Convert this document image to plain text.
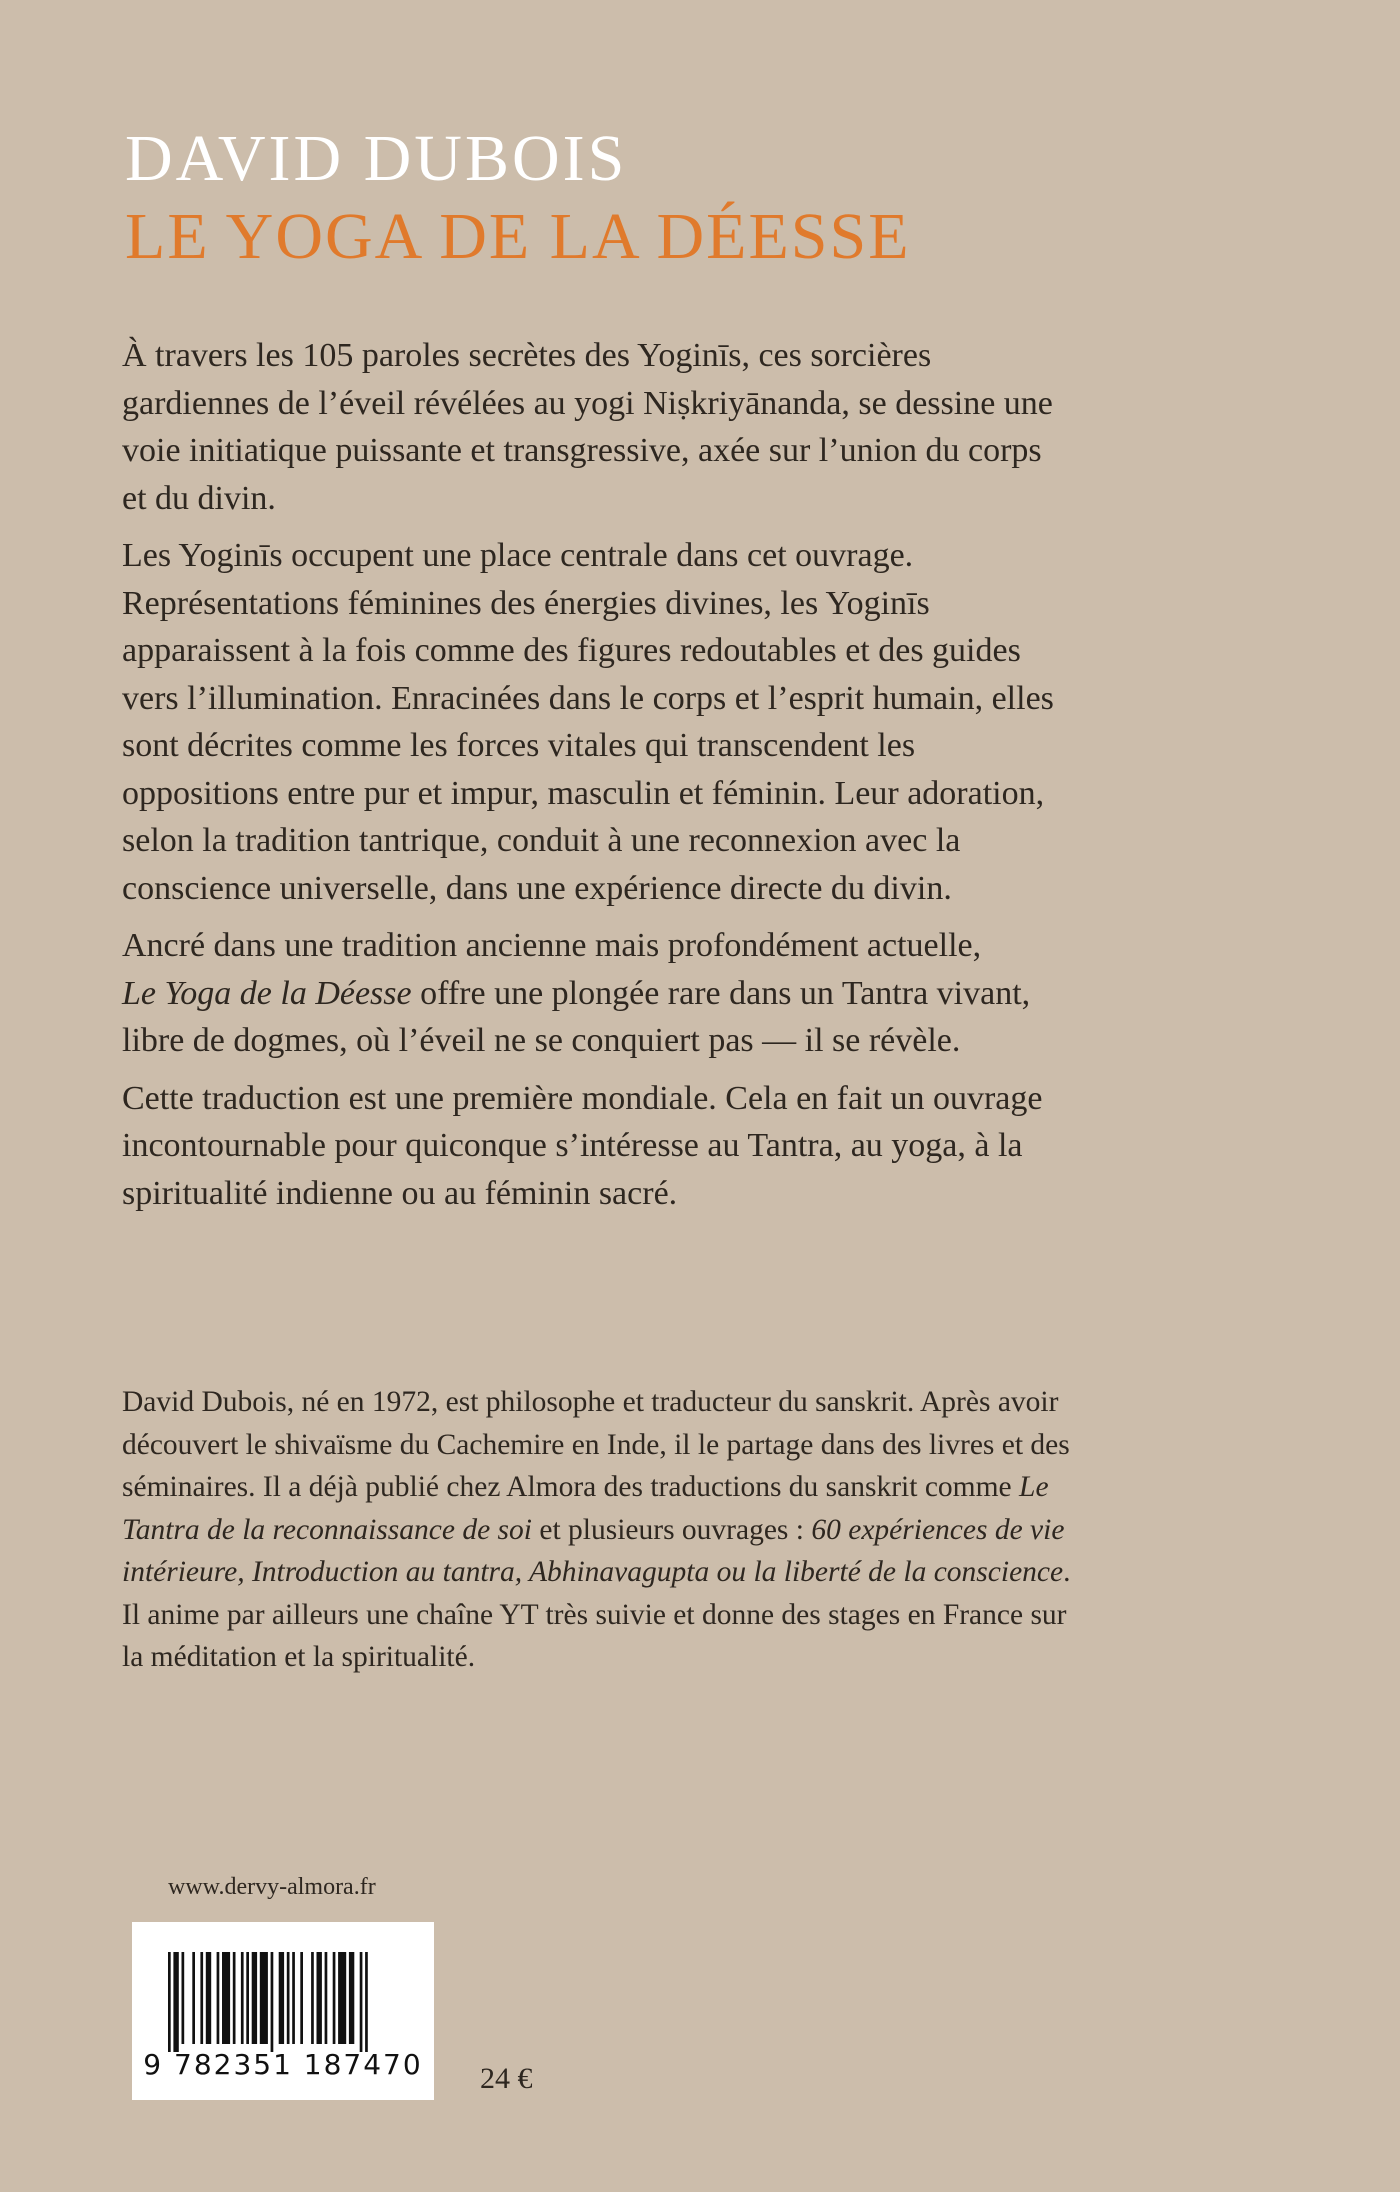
DAVID DUBOIS
LE YOGA DE LA DÉESSE

À travers les 105 paroles secrètes des Yoginīs, ces sorcières gardiennes de l’éveil révélées au yogi Niṣkriyānanda, se dessine une voie initiatique puissante et transgressive, axée sur l’union du corps et du divin.

Les Yoginīs occupent une place centrale dans cet ouvrage. Représentations féminines des énergies divines, les Yoginīs apparaissent à la fois comme des figures redoutables et des guides vers l’illumination. Enracinées dans le corps et l’esprit humain, elles sont décrites comme les forces vitales qui transcendent les oppositions entre pur et impur, masculin et féminin. Leur adoration, selon la tradition tantrique, conduit à une reconnexion avec la conscience universelle, dans une expérience directe du divin.

Ancré dans une tradition ancienne mais profondément actuelle,
Le Yoga de la Déesse offre une plongée rare dans un Tantra vivant, libre de dogmes, où l’éveil ne se conquiert pas — il se révèle.

Cette traduction est une première mondiale. Cela en fait un ouvrage incontournable pour quiconque s’intéresse au Tantra, au yoga, à la spiritualité indienne ou au féminin sacré.

David Dubois, né en 1972, est philosophe et traducteur du sanskrit. Après avoir découvert le shivaïsme du Cachemire en Inde, il le partage dans des livres et des séminaires. Il a déjà publié chez Almora des traductions du sanskrit comme Le Tantra de la reconnaissance de soi et plusieurs ouvrages : 60 expériences de vie intérieure, Introduction au tantra, Abhinavagupta ou la liberté de la conscience. Il anime par ailleurs une chaîne YT très suivie et donne des stages en France sur la méditation et la spiritualité.

www.dervy-almora.fr
9 782351 187470	24 €
